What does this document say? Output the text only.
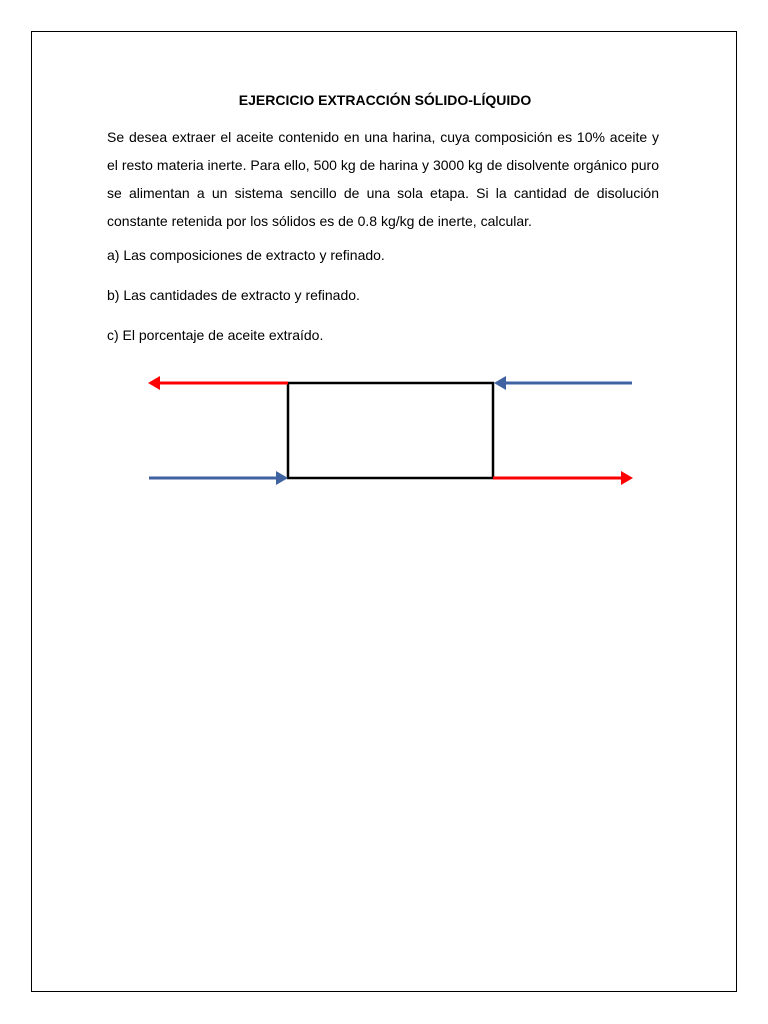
EJERCICIO EXTRACCIÓN SÓLIDO-LÍQUIDO

Se desea extraer el aceite contenido en una harina, cuya composición es 10% aceite y el resto materia inerte. Para ello, 500 kg de harina y 3000 kg de disolvente orgánico puro se alimentan a un sistema sencillo de una sola etapa. Si la cantidad de disolución constante retenida por los sólidos es de 0.8 kg/kg de inerte, calcular.

a) Las composiciones de extracto y refinado.

b) Las cantidades de extracto y refinado.

c) El porcentaje de aceite extraído.
